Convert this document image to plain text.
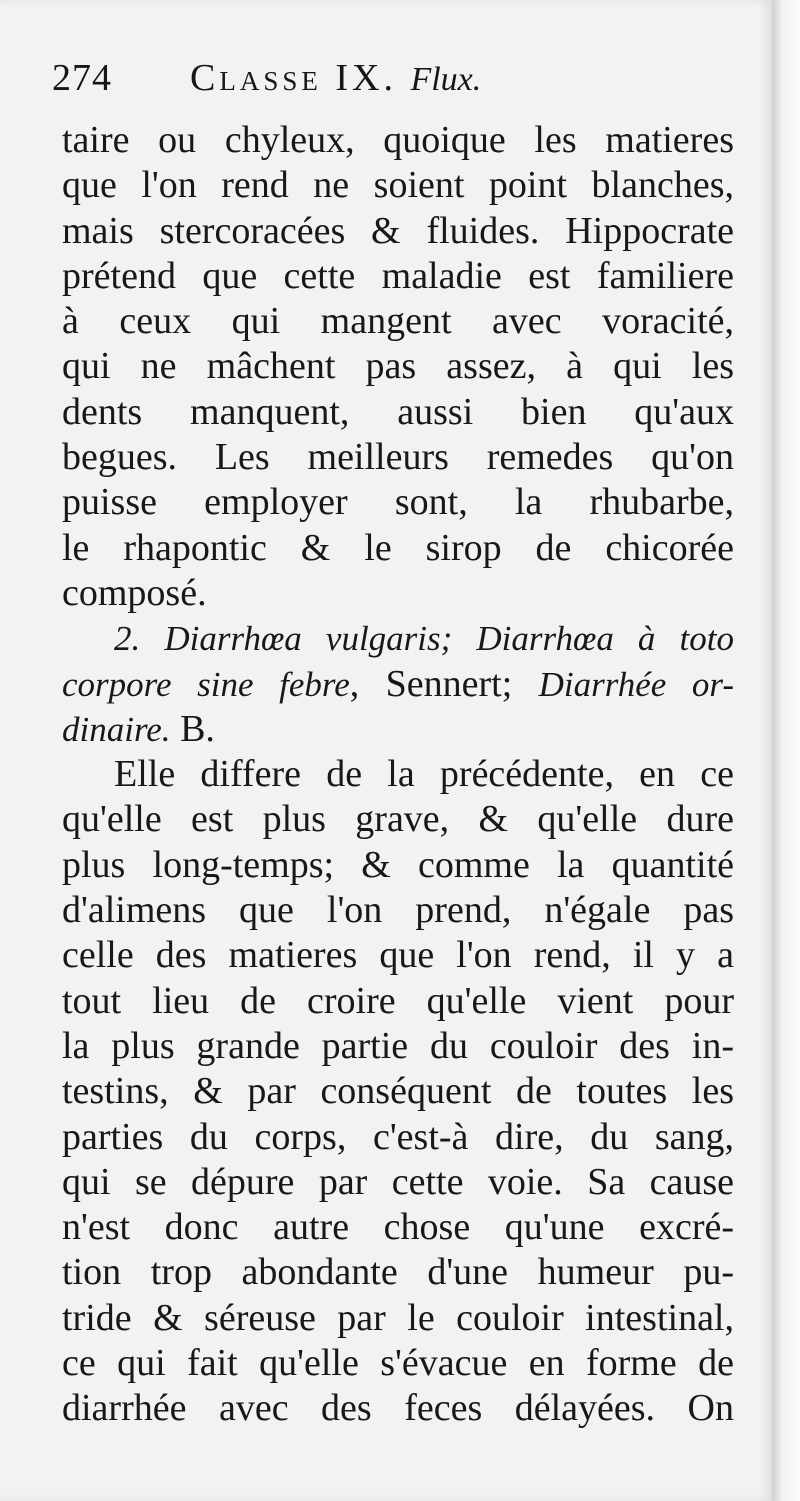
274 Classe IX. Flux.
taire ou chyleux, quoique les matieres
que l'on rend ne soient point blanches,
mais stercoracées & fluides. Hippocrate
prétend que cette maladie est familiere
à ceux qui mangent avec voracité,
qui ne mâchent pas assez, à qui les
dents manquent, aussi bien qu'aux
begues. Les meilleurs remedes qu'on
puisse employer sont, la rhubarbe,
le rhapontic & le sirop de chicorée
composé.
2. Diarrhœa vulgaris; Diarrhœa à toto
corpore sine febre, Sennert; Diarrhée or-
dinaire. B.
Elle differe de la précédente, en ce
qu'elle est plus grave, & qu'elle dure
plus long-temps; & comme la quantité
d'alimens que l'on prend, n'égale pas
celle des matieres que l'on rend, il y a
tout lieu de croire qu'elle vient pour
la plus grande partie du couloir des in-
testins, & par conséquent de toutes les
parties du corps, c'est-à dire, du sang,
qui se dépure par cette voie. Sa cause
n'est donc autre chose qu'une excré-
tion trop abondante d'une humeur pu-
tride & séreuse par le couloir intestinal,
ce qui fait qu'elle s'évacue en forme de
diarrhée avec des feces délayées. On
